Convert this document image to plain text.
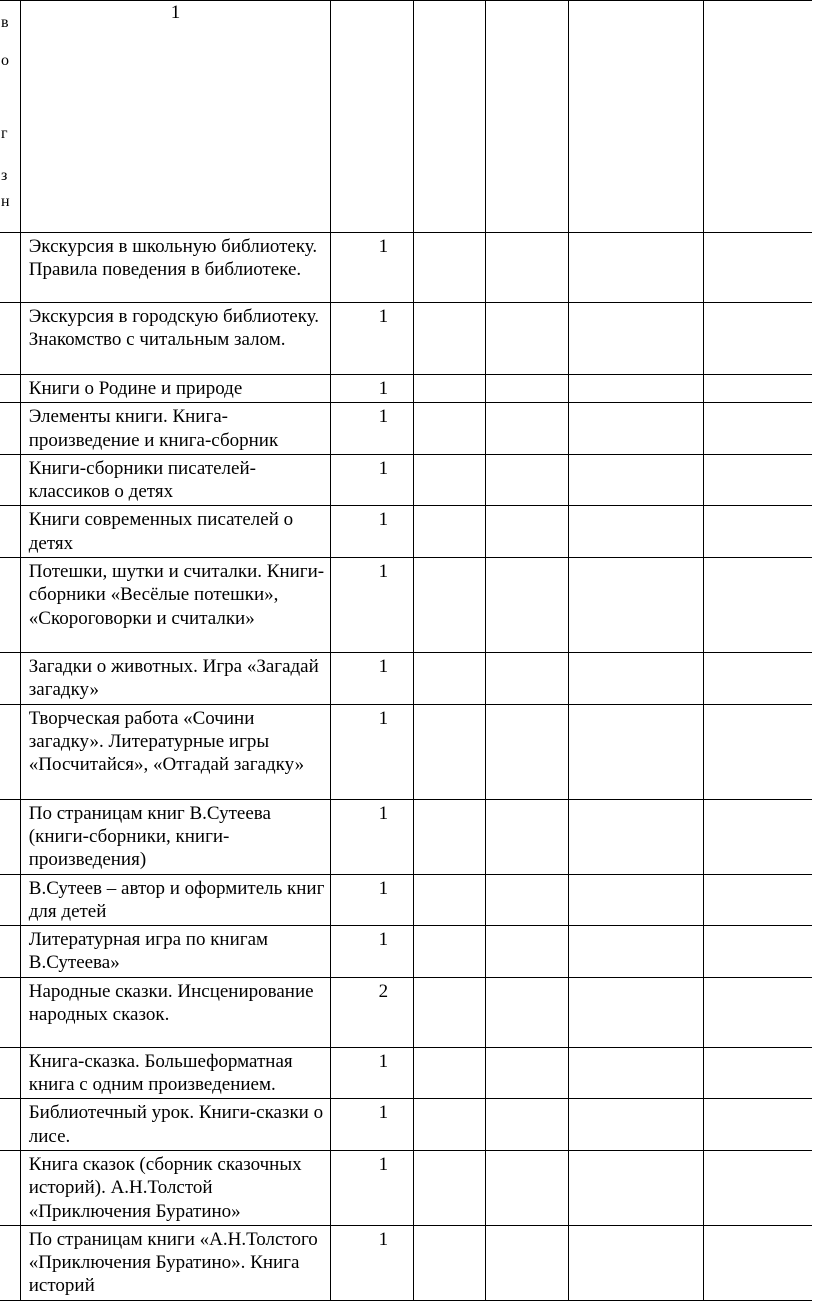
в
о
г
з
н	1					
	Экскурсия в школьную библиотеку. Правила поведения в библиотеке.	1				
	Экскурсия в городскую библиотеку. Знакомство с читальным залом.	1				
	Книги о Родине и природе	1				
	Элементы книги. Книга-произведение и книга-сборник	1				
	Книги-сборники писателей-классиков о детях	1				
	Книги современных писателей о детях	1				
	Потешки, шутки и считалки. Книги-сборники «Весёлые потешки», «Скороговорки и считалки»	1				
	Загадки о животных. Игра «Загадай загадку»	1				
	Творческая работа «Сочини загадку». Литературные игры «Посчитайся», «Отгадай загадку»	1				
	По страницам книг В.Сутеева (книги-сборники, книги-произведения)	1				
	В.Сутеев – автор и оформитель книг для детей	1				
	Литературная игра по книгам В.Сутеева»	1				
	Народные сказки. Инсценирование народных сказок.	2				
	Книга-сказка. Большеформатная книга с одним произведением.	1				
	Библиотечный урок. Книги-сказки о лисе.	1				
	Книга сказок (сборник сказочных историй). А.Н.Толстой «Приключения Буратино»	1				
	По страницам книги «А.Н.Толстого «Приключения Буратино». Книга историй	1				
